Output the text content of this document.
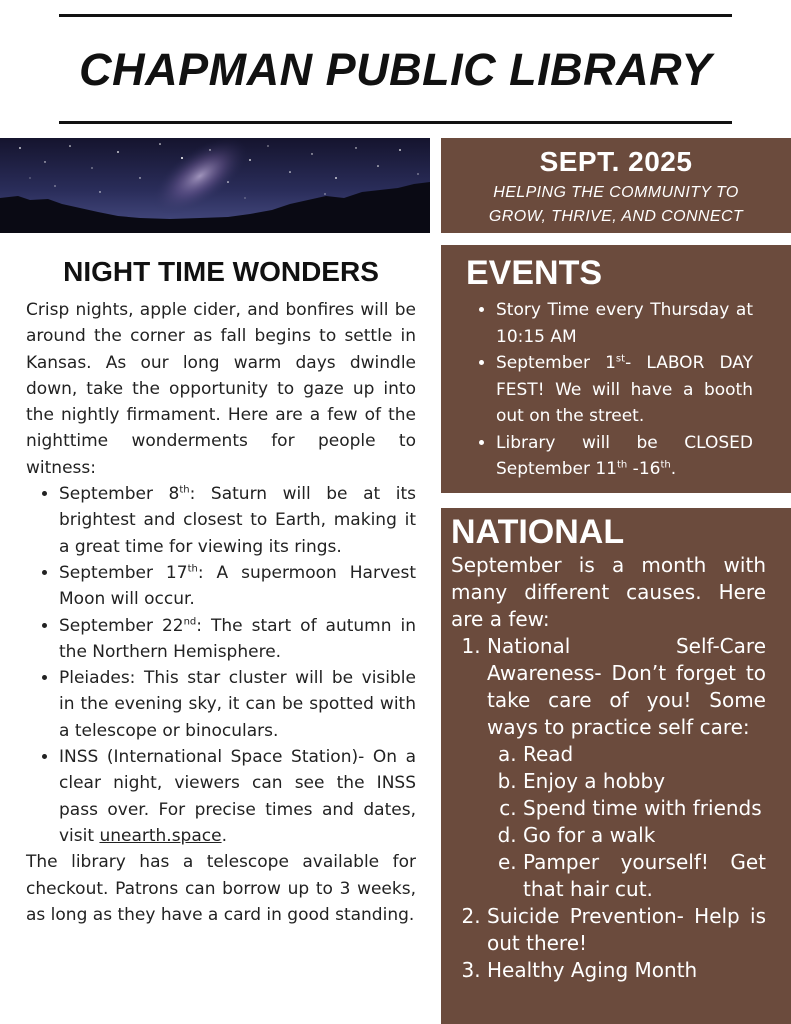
CHAPMAN PUBLIC LIBRARY
SEPT. 2025
HELPING THE COMMUNITY TO
GROW, THRIVE, AND CONNECT
NIGHT TIME WONDERS

Crisp nights, apple cider, and bonfires will be around the corner as fall begins to settle in Kansas. As our long warm days dwindle down, take the opportunity to gaze up into the nightly firmament. Here are a few of the nighttime wonderments for people to witness:

• September 8th: Saturn will be at its brightest and closest to Earth, making it a great time for viewing its rings.
• September 17th: A supermoon Harvest Moon will occur.
• September 22nd: The start of autumn in the Northern Hemisphere.
• Pleiades: This star cluster will be visible in the evening sky, it can be spotted with a telescope or binoculars.
• INSS (International Space Station)- On a clear night, viewers can see the INSS pass over. For precise times and dates, visit unearth.space.

The library has a telescope available for checkout. Patrons can borrow up to 3 weeks, as long as they have a card in good standing.

EVENTS
• Story Time every Thursday at 10:15 AM
• September 1st- LABOR DAY FEST! We will have a booth out on the street.
• Library will be CLOSED September 11th -16th.
NATIONAL

September is a month with many different causes. Here are a few:

1. National Self-Care Awareness- Don’t forget to take care of you! Some ways to practice self care:
a. Read
b. Enjoy a hobby
c. Spend time with friends
d. Go for a walk
e. Pamper yourself! Get that hair cut.
2. Suicide Prevention- Help is out there!
3. Healthy Aging Month
